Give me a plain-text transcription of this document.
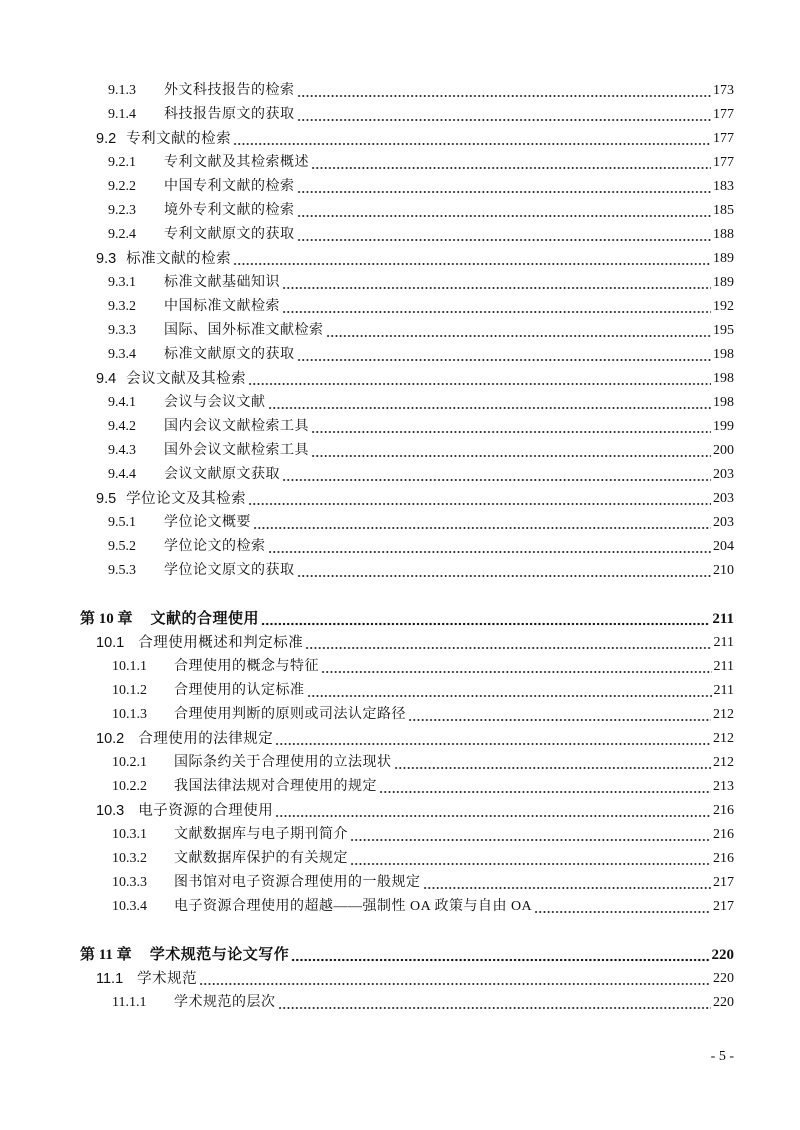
9.1.3	外文科技报告的检索	173
9.1.4	科技报告原文的获取	177
9.2 专利文献的检索	177
9.2.1	专利文献及其检索概述	177
9.2.2	中国专利文献的检索	183
9.2.3	境外专利文献的检索	185
9.2.4	专利文献原文的获取	188
9.3 标准文献的检索	189
9.3.1	标准文献基础知识	189
9.3.2	中国标准文献检索	192
9.3.3	国际、国外标准文献检索	195
9.3.4	标准文献原文的获取	198
9.4 会议文献及其检索	198
9.4.1	会议与会议文献	198
9.4.2	国内会议文献检索工具	199
9.4.3	国外会议文献检索工具	200
9.4.4	会议文献原文获取	203
9.5 学位论文及其检索	203
9.5.1	学位论文概要	203
9.5.2	学位论文的检索	204
9.5.3	学位论文原文的获取	210
第 10 章	文献的合理使用	211
10.1 合理使用概述和判定标准	211
10.1.1	合理使用的概念与特征	211
10.1.2	合理使用的认定标准	211
10.1.3	合理使用判断的原则或司法认定路径	212
10.2 合理使用的法律规定	212
10.2.1	国际条约关于合理使用的立法现状	212
10.2.2	我国法律法规对合理使用的规定	213
10.3 电子资源的合理使用	216
10.3.1	文献数据库与电子期刊简介	216
10.3.2	文献数据库保护的有关规定	216
10.3.3	图书馆对电子资源合理使用的一般规定	217
10.3.4	电子资源合理使用的超越——强制性 OA 政策与自由 OA	217
第 11 章	学术规范与论文写作	220
11.1 学术规范	220
11.1.1	学术规范的层次	220
- 5 -
